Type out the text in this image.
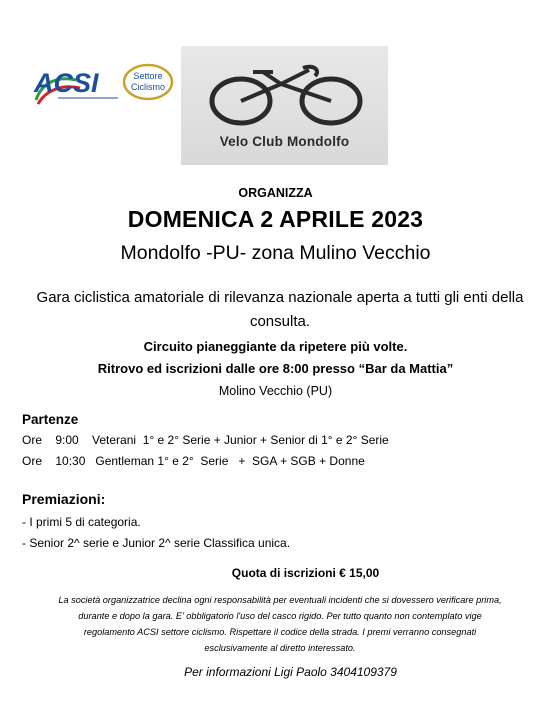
ACSI	Settore
Ciclismo
Velo Club Mondolfo
ORGANIZZA
DOMENICA 2 APRILE 2023
Mondolfo -PU- zona Mulino Vecchio
Gara ciclistica amatoriale di rilevanza nazionale aperta a tutti gli enti della consulta.
Circuito pianeggiante da ripetere più volte.
Ritrovo ed iscrizioni dalle ore 8:00 presso “Bar da Mattia”
Molino Vecchio (PU)
Partenze
Ore    9:00    Veterani  1° e 2° Serie + Junior + Senior di 1° e 2° Serie
Ore    10:30   Gentleman 1° e 2°  Serie   +  SGA + SGB + Donne
Premiazioni:
- I primi 5 di categoria.
- Senior 2^ serie e Junior 2^ serie Classifica unica.
Quota di iscrizioni € 15,00
La società organizzatrice declina ogni responsabilità per eventuali incidenti che si dovessero verificare prima, durante e dopo la gara. E' obbligatorio l'uso del casco rigido. Per tutto quanto non contemplato vige regolamento ACSI settore ciclismo. Rispettare il codice della strada. I premi verranno consegnati esclusivamente al diretto interessato.
Per informazioni Ligi Paolo 3404109379
